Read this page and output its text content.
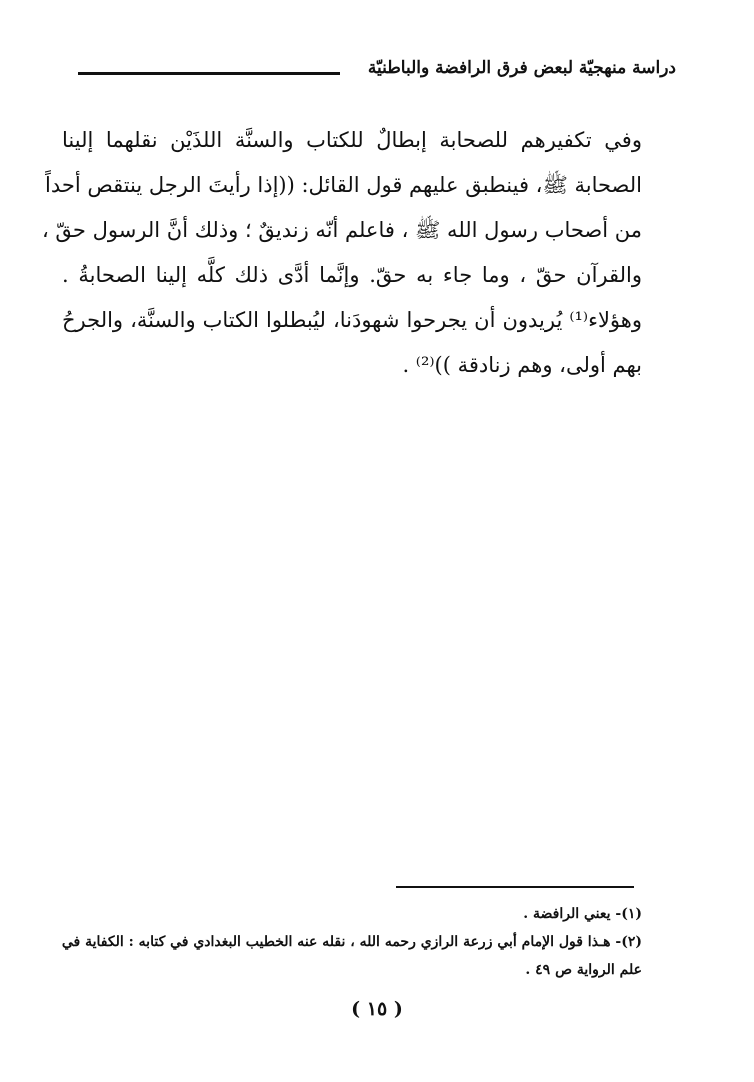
دراسة منهجيّة لبعض فرق الرافضة والباطنيّة
وفي تكفيرهم للصحابة إبطالٌ للكتاب والسنَّة اللذَيْن نقلهما إلينا
الصحابة ﷺ، فينطبق عليهم قول القائل: ((إذا رأيتَ الرجل ينتقص أحداً
من أصحاب رسول الله ﷺ ، فاعلم أنّه زنديقٌ ؛ وذلك أنَّ الرسول حقّ ،
والقرآن حقّ ، وما جاء به حقّ. وإنَّما أدَّى ذلك كلَّه إلينا الصحابةُ .
وهؤلاء⁽¹⁾ يُريدون أن يجرحوا شهودَنا، ليُبطلوا الكتاب والسنَّة، والجرحُ
بهم أولى، وهم زنادقة ))⁽²⁾ .
(١)- يعني الرافضة .
(٢)- هـذا قول الإمام أبي زرعة الرازي رحمه الله ، نقله عنه الخطيب البغدادي في كتابه : الكفاية في
علم الرواية ص ٤٩ .
( ١٥ )
